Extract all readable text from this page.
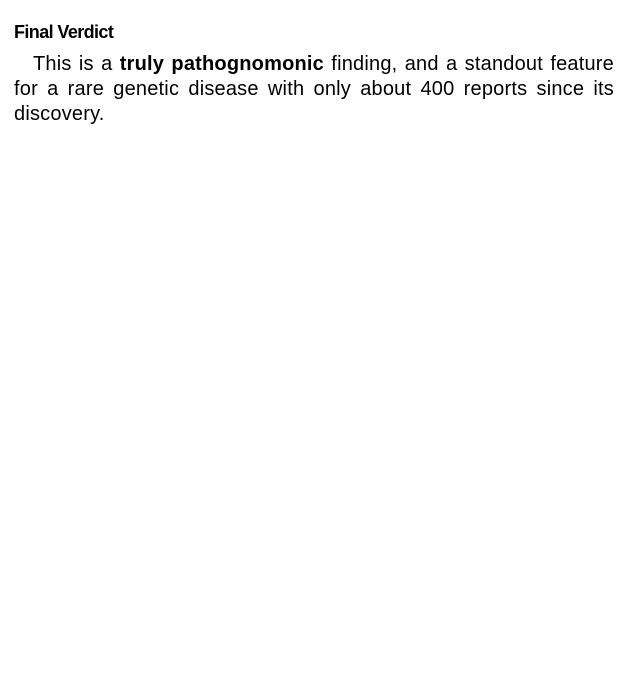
Final Verdict

This is a truly pathognomonic finding, and a standout feature for a rare genetic disease with only about 400 reports since its discovery.
